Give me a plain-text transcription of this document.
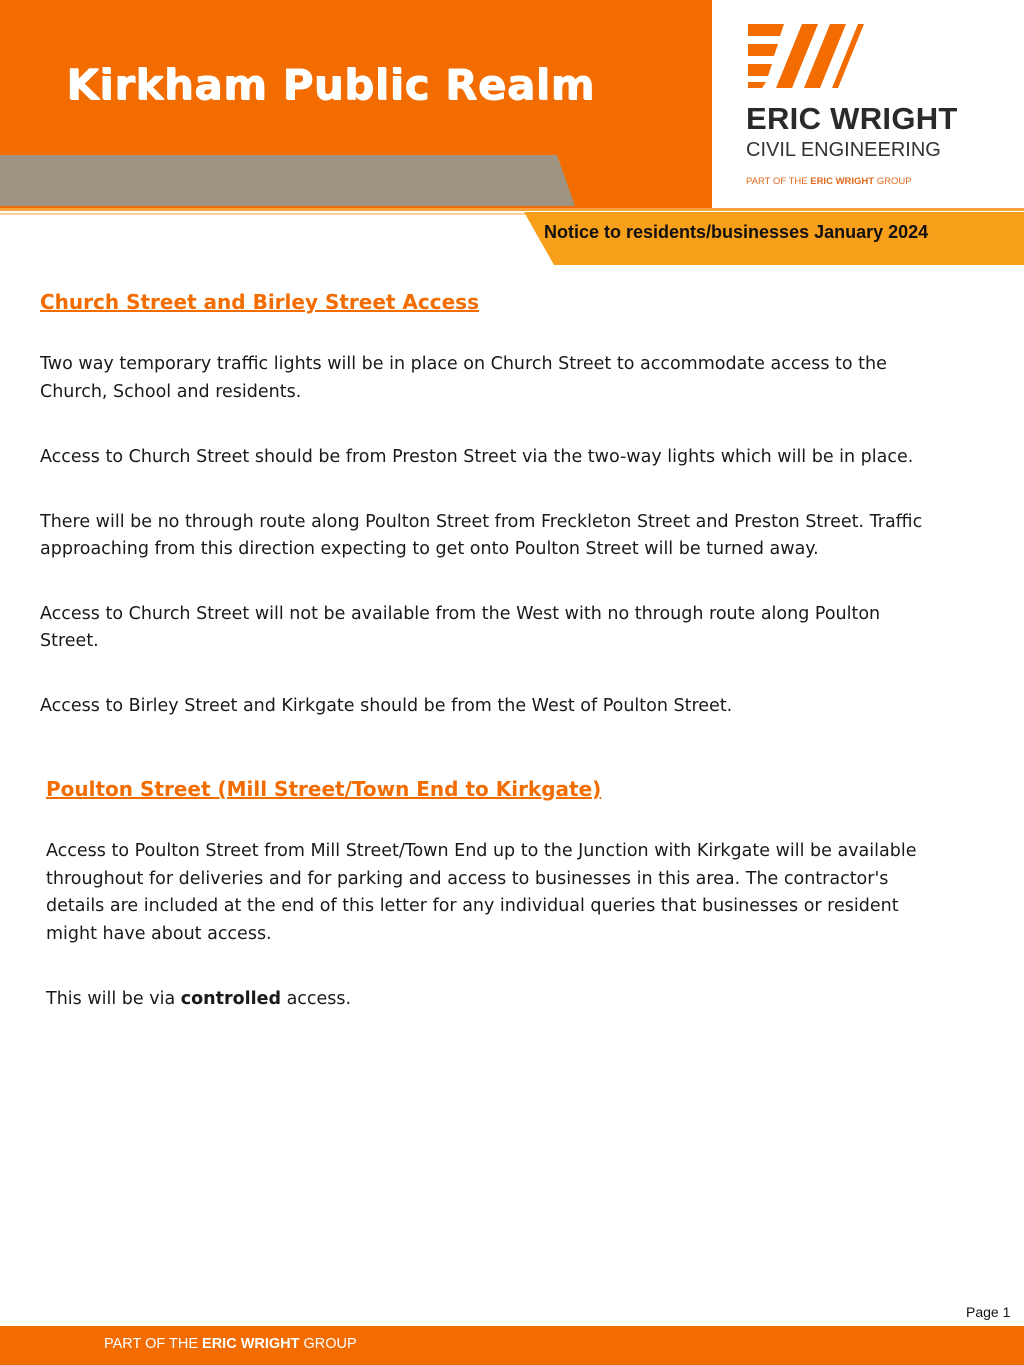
Kirkham Public Realm
Notice to residents/businesses January 2024
ERIC WRIGHT
CIVIL ENGINEERING
PART OF THE ERIC WRIGHT GROUP
Church Street and Birley Street Access

Two way temporary traffic lights will be in place on Church Street to accommodate access to the Church, School and residents.

Access to Church Street should be from Preston Street via the two-way lights which will be in place.

There will be no through route along Poulton Street from Freckleton Street and Preston Street. Traffic approaching from this direction expecting to get onto Poulton Street will be turned away.

Access to Church Street will not be available from the West with no through route along Poulton Street.

Access to Birley Street and Kirkgate should be from the West of Poulton Street.

Poulton Street (Mill Street/Town End to Kirkgate)

Access to Poulton Street from Mill Street/Town End up to the Junction with Kirkgate will be available throughout for deliveries and for parking and access to businesses in this area. The contractor's details are included at the end of this letter for any individual queries that businesses or resident might have about access.

This will be via controlled access.

Page 1
PART OF THE ERIC WRIGHT GROUP
